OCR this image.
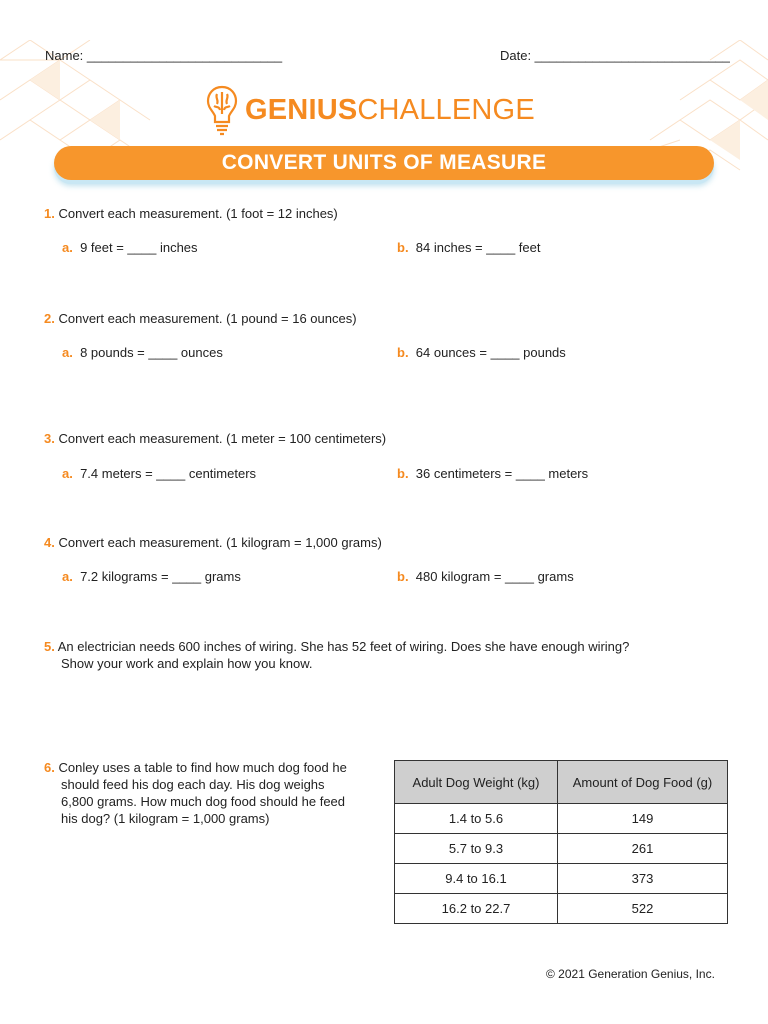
Name: ___________________________	Date: ___________________________
GENIUSCHALLENGE
CONVERT UNITS OF MEASURE
1. Convert each measurement. (1 foot = 12 inches)
a. 9 feet = ____ inches	b. 84 inches = ____ feet
2. Convert each measurement. (1 pound = 16 ounces)
a. 8 pounds = ____ ounces	b. 64 ounces = ____ pounds
3. Convert each measurement. (1 meter = 100 centimeters)
a. 7.4 meters = ____ centimeters	b. 36 centimeters = ____ meters
4. Convert each measurement. (1 kilogram = 1,000 grams)
a. 7.2 kilograms = ____ grams	b. 480 kilogram = ____ grams
5. An electrician needs 600 inches of wiring. She has 52 feet of wiring. Does she have enough wiring?
Show your work and explain how you know.
6. Conley uses a table to find how much dog food he
should feed his dog each day. His dog weighs
6,800 grams. How much dog food should he feed
his dog? (1 kilogram = 1,000 grams)
Adult Dog Weight (kg)	Amount of Dog Food (g)
1.4 to 5.6	149
5.7 to 9.3	261
9.4 to 16.1	373
16.2 to 22.7	522
© 2021 Generation Genius, Inc.
